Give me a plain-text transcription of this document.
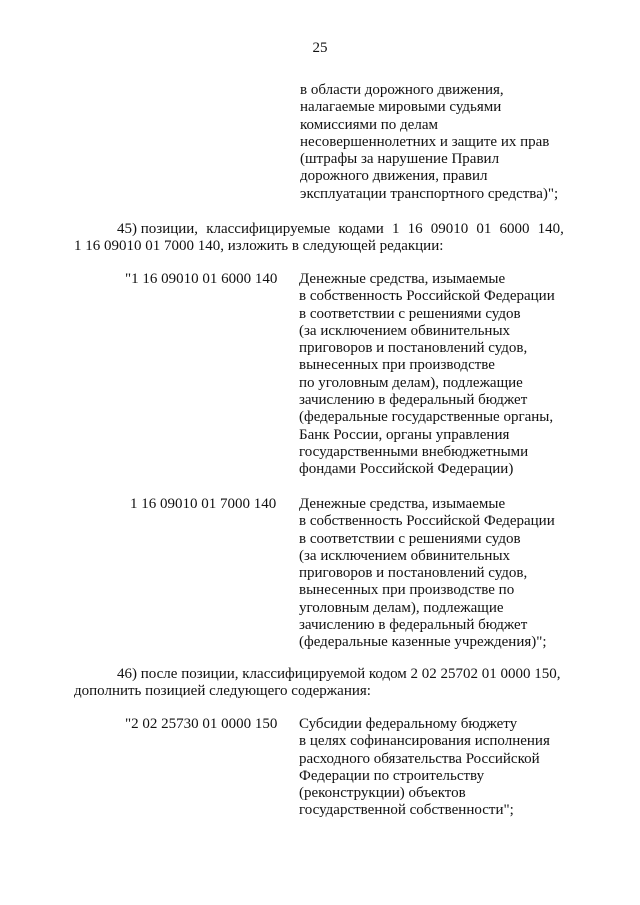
25
в области дорожного движения,
налагаемые мировыми судьями
комиссиями по делам
несовершеннолетних и защите их прав
(штрафы за нарушение Правил
дорожного движения, правил
эксплуатации транспортного средства)";
45) позиции, классифицируемые кодами 1 16 09010 01 6000 140,
1 16 09010 01 7000 140, изложить в следующей редакции:
"1 16 09010 01 6000 140 Денежные средства, изымаемые
в собственность Российской Федерации
в соответствии с решениями судов
(за исключением обвинительных
приговоров и постановлений судов,
вынесенных при производстве
по уголовным делам), подлежащие
зачислению в федеральный бюджет
(федеральные государственные органы,
Банк России, органы управления
государственными внебюджетными
фондами Российской Федерации)
1 16 09010 01 7000 140 Денежные средства, изымаемые
в собственность Российской Федерации
в соответствии с решениями судов
(за исключением обвинительных
приговоров и постановлений судов,
вынесенных при производстве по
уголовным делам), подлежащие
зачислению в федеральный бюджет
(федеральные казенные учреждения)";
46) после позиции, классифицируемой кодом 2 02 25702 01 0000 150,
дополнить позицией следующего содержания:
"2 02 25730 01 0000 150 Субсидии федеральному бюджету
в целях софинансирования исполнения
расходного обязательства Российской
Федерации по строительству
(реконструкции) объектов
государственной собственности";
